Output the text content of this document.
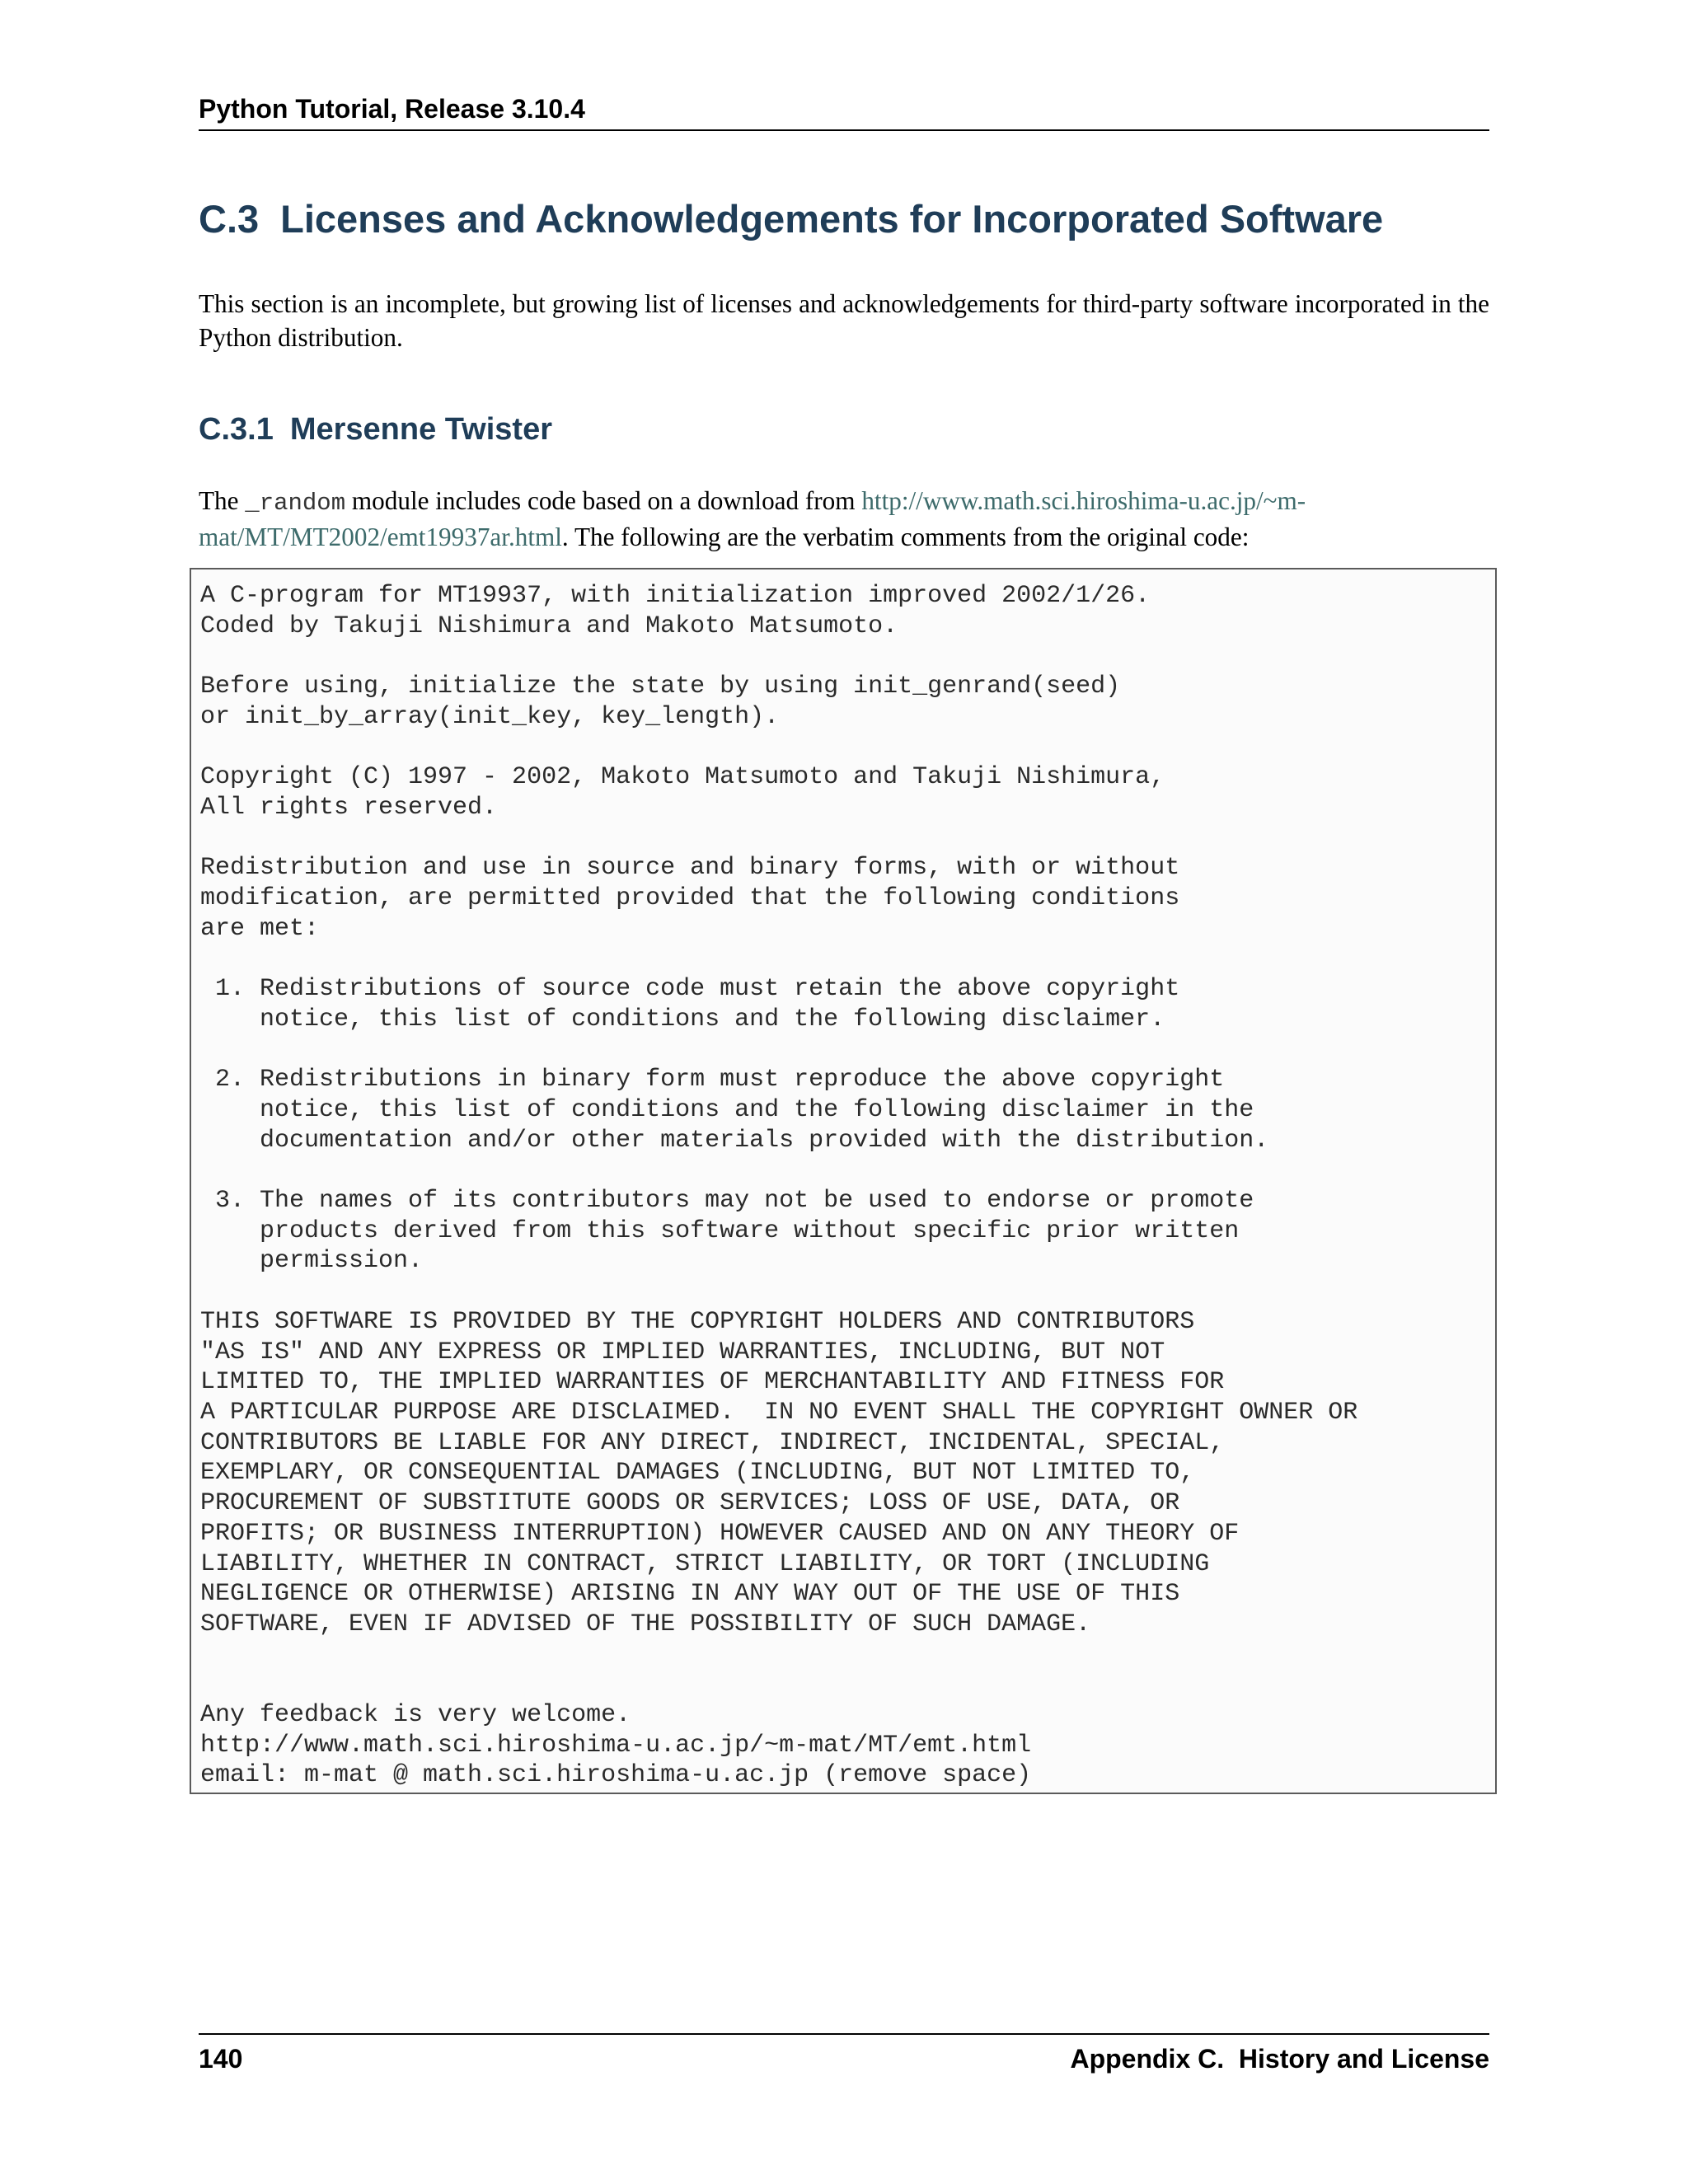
Python Tutorial, Release 3.10.4
C.3 Licenses and Acknowledgements for Incorporated Software

This section is an incomplete, but growing list of licenses and acknowledgements for third-party software incorporated in the Python distribution.

C.3.1 Mersenne Twister

The _random module includes code based on a download from http://www.math.sci.hiroshima-u.ac.jp/~m-mat/MT/MT2002/emt19937ar.html. The following are the verbatim comments from the original code:

A C-program for MT19937, with initialization improved 2002/1/26.
Coded by Takuji Nishimura and Makoto Matsumoto.

Before using, initialize the state by using init_genrand(seed)
or init_by_array(init_key, key_length).

Copyright (C) 1997 - 2002, Makoto Matsumoto and Takuji Nishimura,
All rights reserved.

Redistribution and use in source and binary forms, with or without
modification, are permitted provided that the following conditions
are met:

1. Redistributions of source code must retain the above copyright
notice, this list of conditions and the following disclaimer.

2. Redistributions in binary form must reproduce the above copyright
notice, this list of conditions and the following disclaimer in the
documentation and/or other materials provided with the distribution.

3. The names of its contributors may not be used to endorse or promote
products derived from this software without specific prior written
permission.

THIS SOFTWARE IS PROVIDED BY THE COPYRIGHT HOLDERS AND CONTRIBUTORS
"AS IS" AND ANY EXPRESS OR IMPLIED WARRANTIES, INCLUDING, BUT NOT
LIMITED TO, THE IMPLIED WARRANTIES OF MERCHANTABILITY AND FITNESS FOR
A PARTICULAR PURPOSE ARE DISCLAIMED.  IN NO EVENT SHALL THE COPYRIGHT OWNER OR
CONTRIBUTORS BE LIABLE FOR ANY DIRECT, INDIRECT, INCIDENTAL, SPECIAL,
EXEMPLARY, OR CONSEQUENTIAL DAMAGES (INCLUDING, BUT NOT LIMITED TO,
PROCUREMENT OF SUBSTITUTE GOODS OR SERVICES; LOSS OF USE, DATA, OR
PROFITS; OR BUSINESS INTERRUPTION) HOWEVER CAUSED AND ON ANY THEORY OF
LIABILITY, WHETHER IN CONTRACT, STRICT LIABILITY, OR TORT (INCLUDING
NEGLIGENCE OR OTHERWISE) ARISING IN ANY WAY OUT OF THE USE OF THIS
SOFTWARE, EVEN IF ADVISED OF THE POSSIBILITY OF SUCH DAMAGE.

Any feedback is very welcome.
http://www.math.sci.hiroshima-u.ac.jp/~m-mat/MT/emt.html
email: m-mat @ math.sci.hiroshima-u.ac.jp (remove space)
140	Appendix C.  History and License
